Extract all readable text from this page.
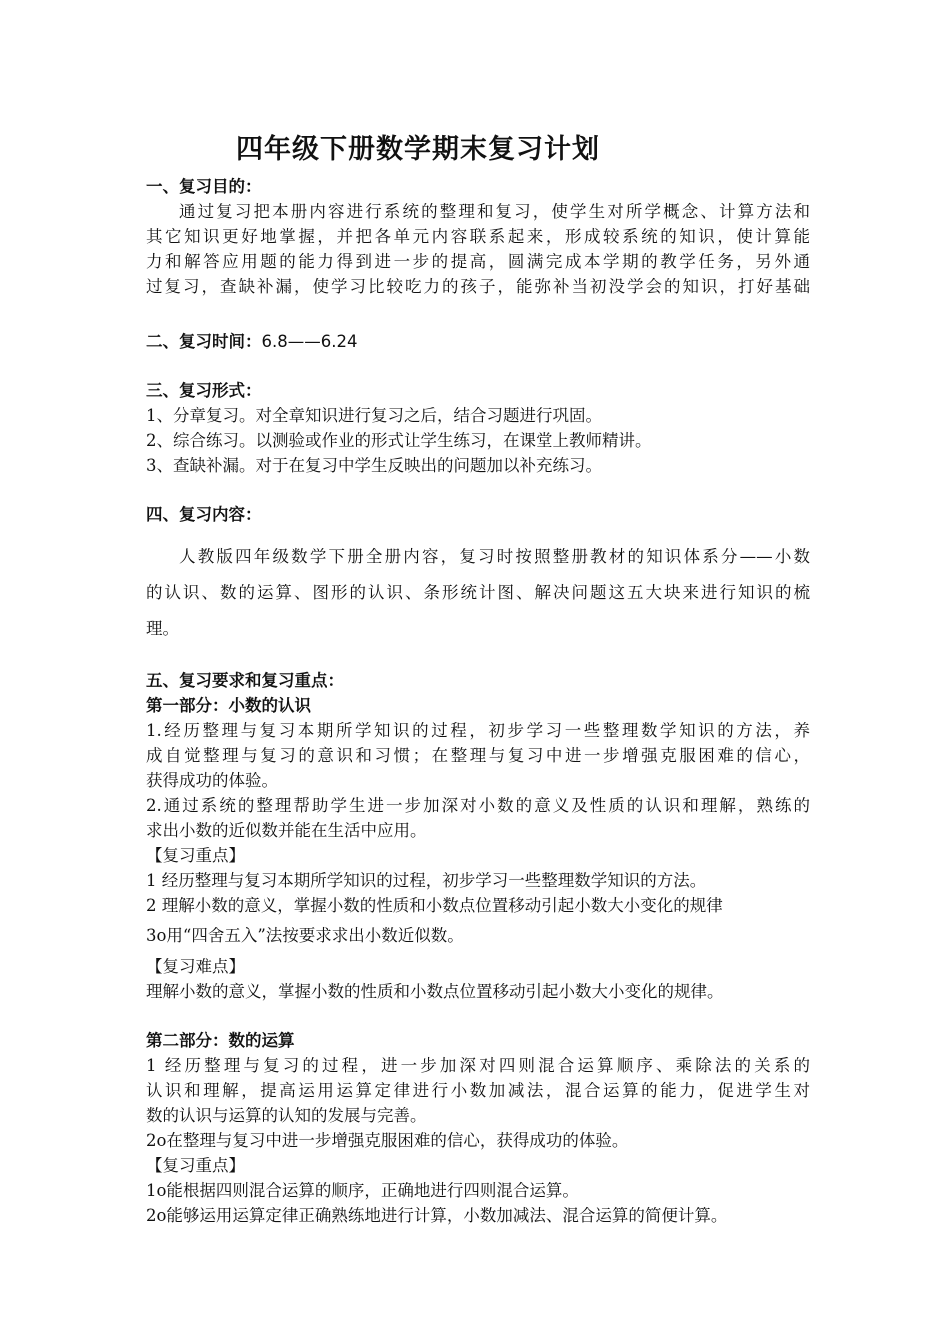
四年级下册数学期末复习计划
一、复习目的：
通过复习把本册内容进行系统的整理和复习，使学生对所学概念、计算方法和
其它知识更好地掌握，并把各单元内容联系起来，形成较系统的知识，使计算能
力和解答应用题的能力得到进一步的提高，圆满完成本学期的教学任务，另外通
过复习，查缺补漏，使学习比较吃力的孩子，能弥补当初没学会的知识，打好基础
二、复习时间：6.8——6.24
三、复习形式：
1、分章复习。对全章知识进行复习之后，结合习题进行巩固。
2、综合练习。以测验或作业的形式让学生练习，在课堂上教师精讲。
3、查缺补漏。对于在复习中学生反映出的问题加以补充练习。
四、复习内容：
人教版四年级数学下册全册内容，复习时按照整册教材的知识体系分——小数
的认识、数的运算、图形的认识、条形统计图、解决问题这五大块来进行知识的梳
理。
五、复习要求和复习重点：
第一部分：小数的认识
1.经历整理与复习本期所学知识的过程，初步学习一些整理数学知识的方法，养
成自觉整理与复习的意识和习惯；在整理与复习中进一步增强克服困难的信心，
获得成功的体验。
2.通过系统的整理帮助学生进一步加深对小数的意义及性质的认识和理解，熟练的
求出小数的近似数并能在生活中应用。
【复习重点】
1 经历整理与复习本期所学知识的过程，初步学习一些整理数学知识的方法。
2 理解小数的意义，掌握小数的性质和小数点位置移动引起小数大小变化的规律
3o用“四舍五入”法按要求求出小数近似数。
【复习难点】
理解小数的意义，掌握小数的性质和小数点位置移动引起小数大小变化的规律。
第二部分：数的运算
1 经历整理与复习的过程，进一步加深对四则混合运算顺序、乘除法的关系的
认识和理解，提高运用运算定律进行小数加减法，混合运算的能力，促进学生对
数的认识与运算的认知的发展与完善。
2o在整理与复习中进一步增强克服困难的信心，获得成功的体验。
【复习重点】
1o能根据四则混合运算的顺序，正确地进行四则混合运算。
2o能够运用运算定律正确熟练地进行计算，小数加减法、混合运算的简便计算。
